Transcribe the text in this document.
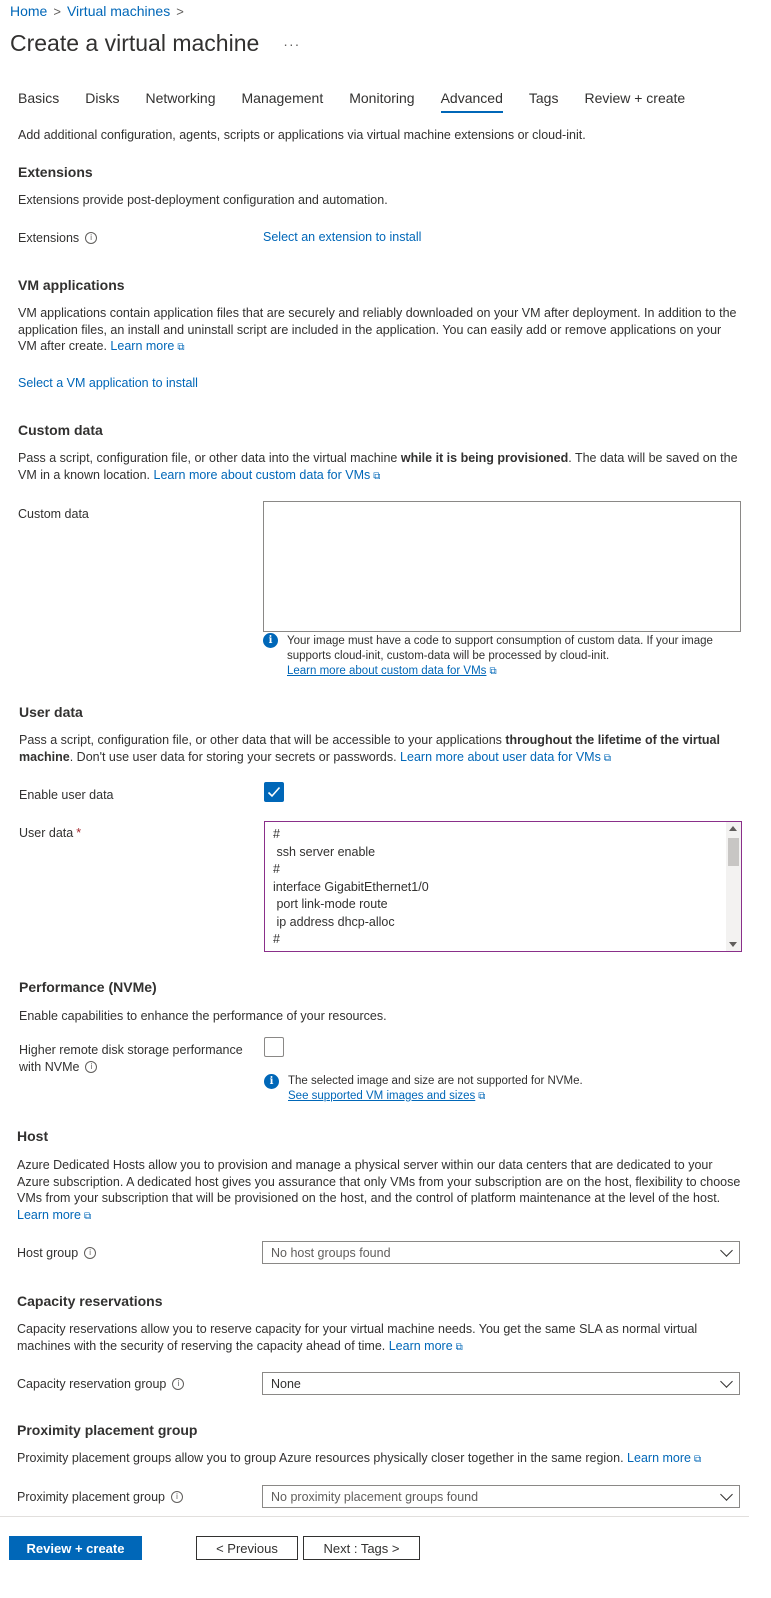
Home > Virtual machines >
Create a virtual machine ···
Basics Disks Networking Management Monitoring Advanced Tags Review + create
Add additional configuration, agents, scripts or applications via virtual machine extensions or cloud-init.
Extensions
Extensions provide post-deployment configuration and automation.
Extensions	i	Select an extension to install
VM applications
VM applications contain application files that are securely and reliably downloaded on your VM after deployment. In addition to the application files, an install and uninstall script are included in the application. You can easily add or remove applications on your VM after create. Learn more ⧉
Select a VM application to install
Custom data
Pass a script, configuration file, or other data into the virtual machine while it is being provisioned. The data will be saved on the VM in a known location. Learn more about custom data for VMs ⧉
Custom data
i	Your image must have a code to support consumption of custom data. If your image supports cloud-init, custom-data will be processed by cloud-init.
Learn more about custom data for VMs ⧉
User data
Pass a script, configuration file, or other data that will be accessible to your applications throughout the lifetime of the virtual machine. Don't use user data for storing your secrets or passwords. Learn more about user data for VMs ⧉
Enable user data
User data *	#
ssh server enable
#
interface GigabitEthernet1/0
port link-mode route
ip address dhcp-alloc
#
Performance (NVMe)
Enable capabilities to enhance the performance of your resources.
Higher remote disk storage performance
with NVMe	i
i	The selected image and size are not supported for NVMe.
See supported VM images and sizes ⧉
Host
Azure Dedicated Hosts allow you to provision and manage a physical server within our data centers that are dedicated to your Azure subscription. A dedicated host gives you assurance that only VMs from your subscription are on the host, flexibility to choose VMs from your subscription that will be provisioned on the host, and the control of platform maintenance at the level of the host. Learn more ⧉
Host group	i	No host groups found
Capacity reservations
Capacity reservations allow you to reserve capacity for your virtual machine needs. You get the same SLA as normal virtual machines with the security of reserving the capacity ahead of time. Learn more ⧉
Capacity reservation group	i	None
Proximity placement group
Proximity placement groups allow you to group Azure resources physically closer together in the same region. Learn more ⧉
Proximity placement group	i	No proximity placement groups found
Review + create	< Previous	Next : Tags >
